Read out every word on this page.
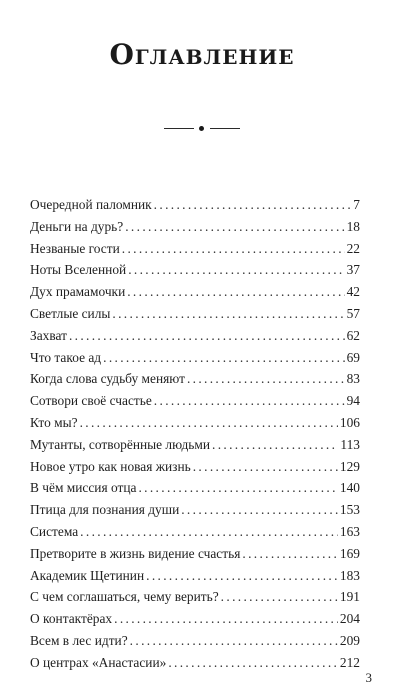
Оглавление
Очередной паломник . . .	7
Деньги на дурь? . . .	18
Незваные гости . . .	22
Ноты Вселенной . . .	37
Дух прамамочки . . .	42
Светлые силы . . .	57
Захват . . .	62
Что такое ад . . .	69
Когда слова судьбу меняют . . .	83
Сотвори своё счастье . . .	94
Кто мы? . . .	106
Мутанты, сотворённые людьми . . .	113
Новое утро как новая жизнь . . .	129
В чём миссия отца . . .	140
Птица для познания души . . .	153
Система . . .	163
Претворите в жизнь видение счастья . . .	169
Академик Щетинин . . .	183
С чем соглашаться, чему верить? . . .	191
О контактёрах . . .	204
Всем в лес идти? . . .	209
О центрах «Анастасии» . . .	212
3
